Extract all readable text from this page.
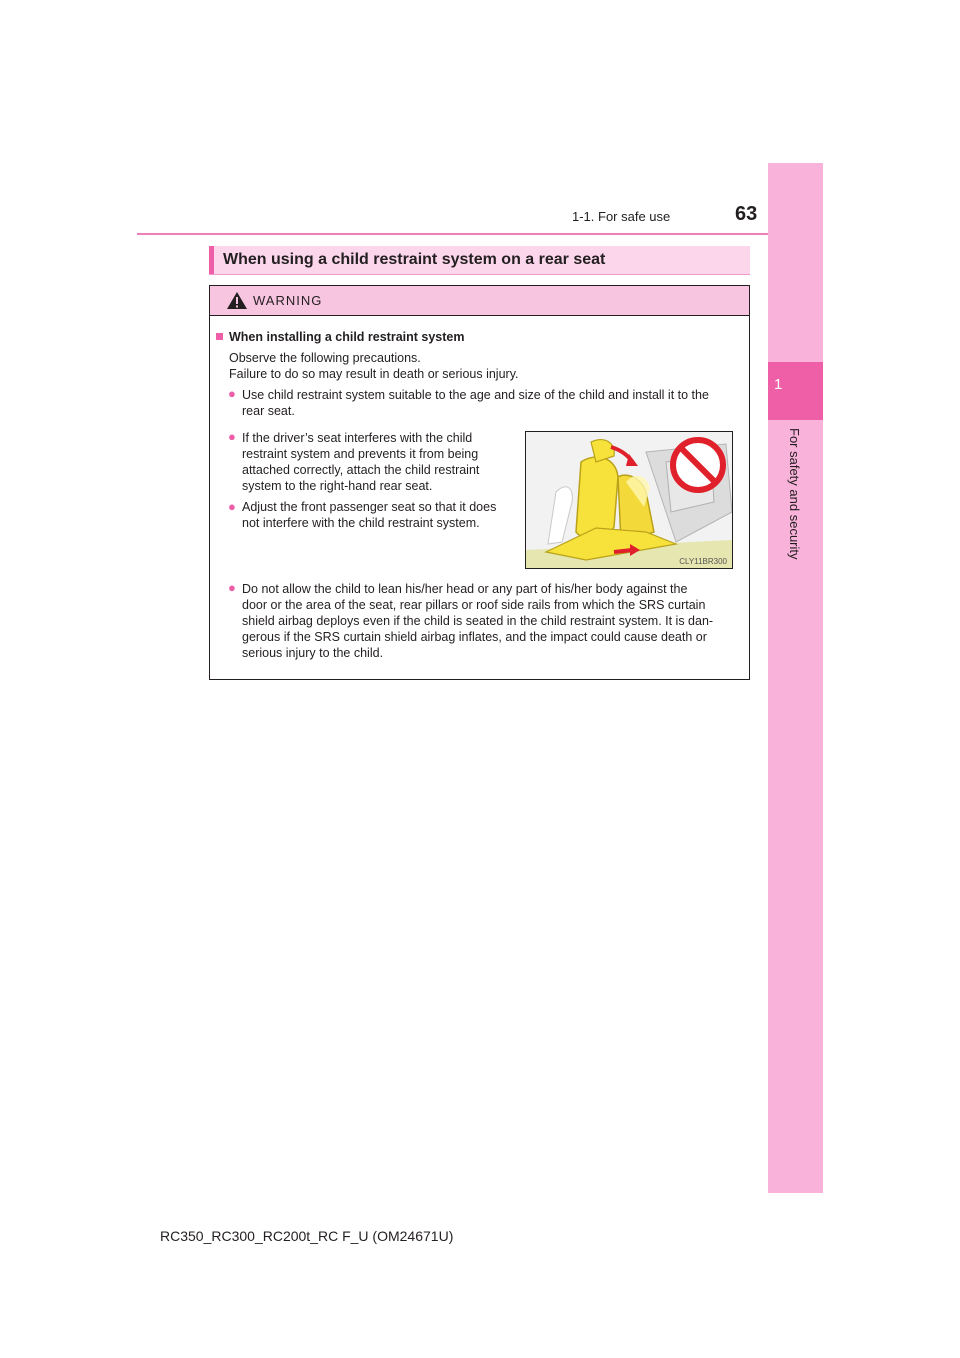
1-1. For safe use	63
1
For safety and security
When using a child restraint system on a rear seat
WARNING
When installing a child restraint system
Observe the following precautions.
Failure to do so may result in death or serious injury.
● Use child restraint system suitable to the age and size of the child and install it to the
rear seat.
● If the driver’s seat interferes with the child
restraint system and prevents it from being
attached correctly, attach the child restraint
system to the right-hand rear seat.
● Adjust the front passenger seat so that it does
not interfere with the child restraint system.
CLY11BR300
● Do not allow the child to lean his/her head or any part of his/her body against the
door or the area of the seat, rear pillars or roof side rails from which the SRS curtain
shield airbag deploys even if the child is seated in the child restraint system. It is dan-
gerous if the SRS curtain shield airbag inflates, and the impact could cause death or
serious injury to the child.
RC350_RC300_RC200t_RC F_U (OM24671U)
